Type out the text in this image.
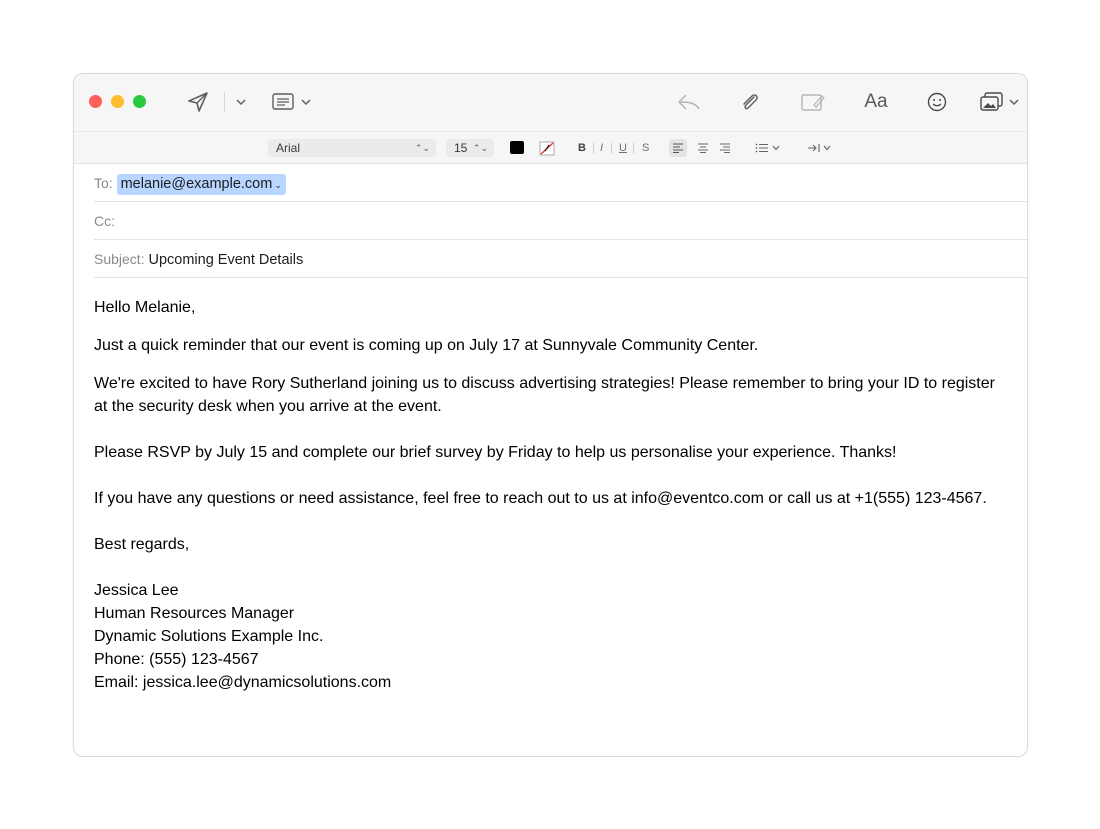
Aa
Arial	⌃⌄	15 ⌃⌄	B | I | U | S
To: melanie@example.com ⌄
Cc:
Subject: Upcoming Event Details

Hello Melanie,

Just a quick reminder that our event is coming up on July 17 at Sunnyvale Community Center.

We're excited to have Rory Sutherland joining us to discuss advertising strategies! Please remember to bring your ID to register at the security desk when you arrive at the event.

Please RSVP by July 15 and complete our brief survey by Friday to help us personalise your experience. Thanks!

If you have any questions or need assistance, feel free to reach out to us at info@eventco.com or call us at +1(555) 123-4567.

Best regards,

Jessica Lee

Human Resources Manager

Dynamic Solutions Example Inc.

Phone: (555) 123-4567

Email: jessica.lee@dynamicsolutions.com
